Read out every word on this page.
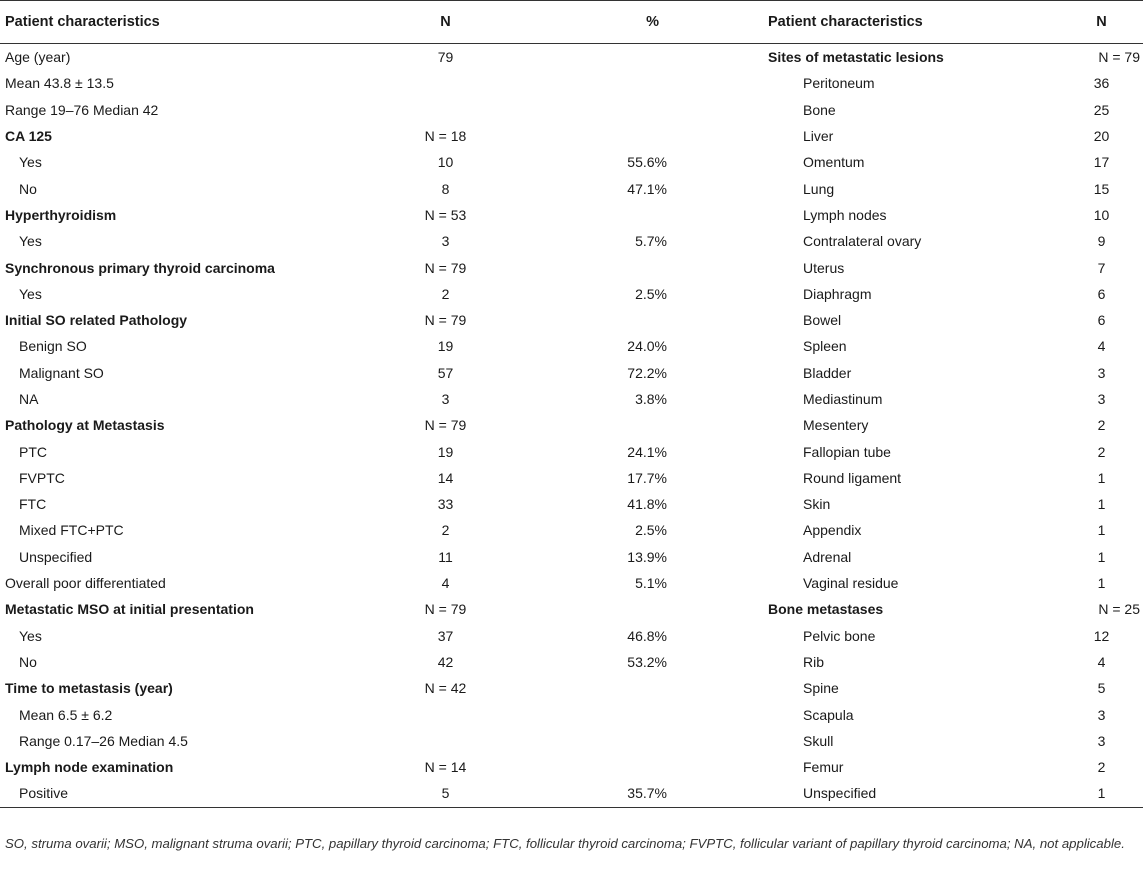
Patient characteristics	N	%	Patient characteristics	N
Age (year)	79		Sites of metastatic lesions	N = 79
Mean 43.8 ± 13.5			Peritoneum	36
Range 19–76 Median 42			Bone	25
CA 125	N = 18		Liver	20
Yes	10	55.6%	Omentum	17
No	8	47.1%	Lung	15
Hyperthyroidism	N = 53		Lymph nodes	10
Yes	3	5.7%	Contralateral ovary	9
Synchronous primary thyroid carcinoma	N = 79		Uterus	7
Yes	2	2.5%	Diaphragm	6
Initial SO related Pathology	N = 79		Bowel	6
Benign SO	19	24.0%	Spleen	4
Malignant SO	57	72.2%	Bladder	3
NA	3	3.8%	Mediastinum	3
Pathology at Metastasis	N = 79		Mesentery	2
PTC	19	24.1%	Fallopian tube	2
FVPTC	14	17.7%	Round ligament	1
FTC	33	41.8%	Skin	1
Mixed FTC+PTC	2	2.5%	Appendix	1
Unspecified	11	13.9%	Adrenal	1
Overall poor differentiated	4	5.1%	Vaginal residue	1
Metastatic MSO at initial presentation	N = 79		Bone metastases	N = 25
Yes	37	46.8%	Pelvic bone	12
No	42	53.2%	Rib	4
Time to metastasis (year)	N = 42		Spine	5
Mean 6.5 ± 6.2			Scapula	3
Range 0.17–26 Median 4.5			Skull	3
Lymph node examination	N = 14		Femur	2
Positive	5	35.7%	Unspecified	1
SO, struma ovarii; MSO, malignant struma ovarii; PTC, papillary thyroid carcinoma; FTC, follicular thyroid carcinoma; FVPTC, follicular variant of papillary thyroid carcinoma; NA, not applicable.
